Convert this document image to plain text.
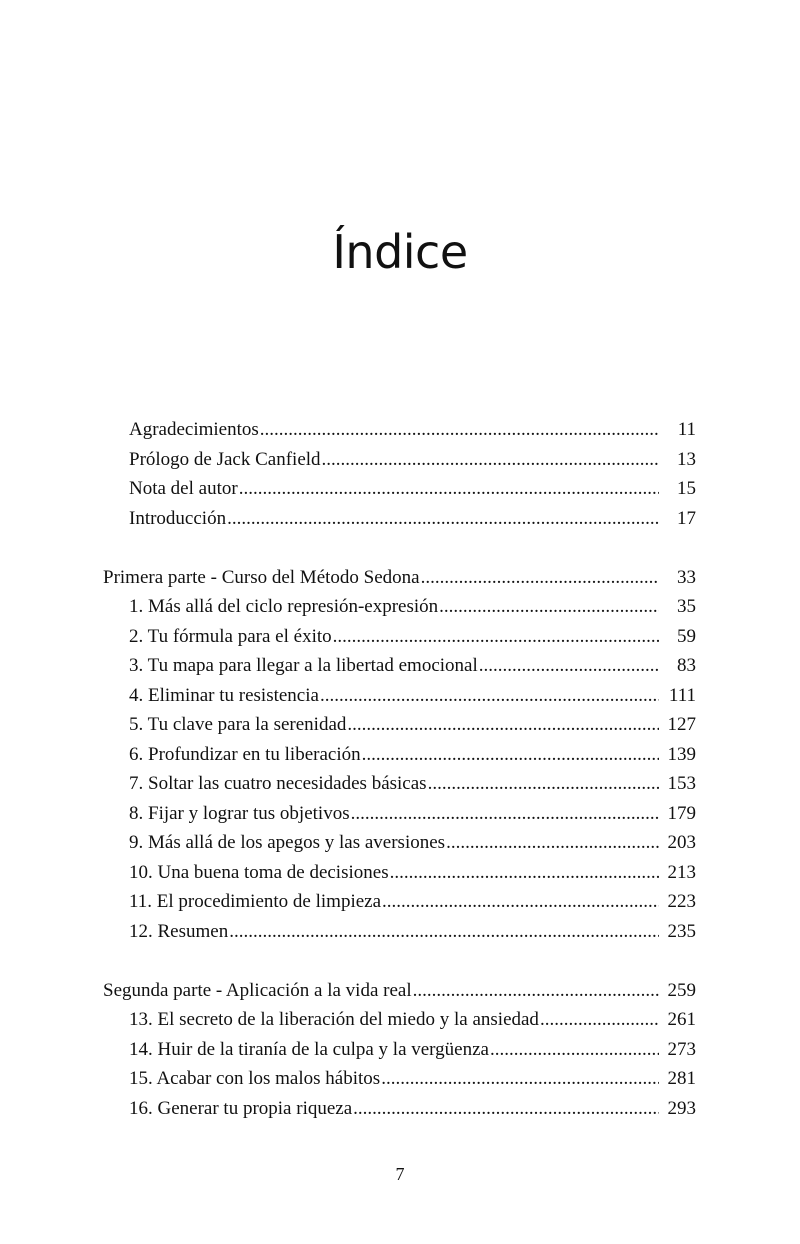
Índice
Agradecimientos .....	11
Prólogo de Jack Canfield .....	13
Nota del autor .....	15
Introducción .....	17
Primera parte - Curso del Método Sedona .....	33
1. Más allá del ciclo represión-expresión .....	35
2. Tu fórmula para el éxito .....	59
3. Tu mapa para llegar a la libertad emocional .....	83
4. Eliminar tu resistencia .....	111
5. Tu clave para la serenidad .....	127
6. Profundizar en tu liberación .....	139
7. Soltar las cuatro necesidades básicas .....	153
8. Fijar y lograr tus objetivos .....	179
9. Más allá de los apegos y las aversiones .....	203
10. Una buena toma de decisiones .....	213
11. El procedimiento de limpieza .....	223
12. Resumen .....	235
Segunda parte - Aplicación a la vida real .....	259
13. El secreto de la liberación del miedo y la ansiedad .....	261
14. Huir de la tiranía de la culpa y la vergüenza .....	273
15. Acabar con los malos hábitos .....	281
16. Generar tu propia riqueza .....	293
7
